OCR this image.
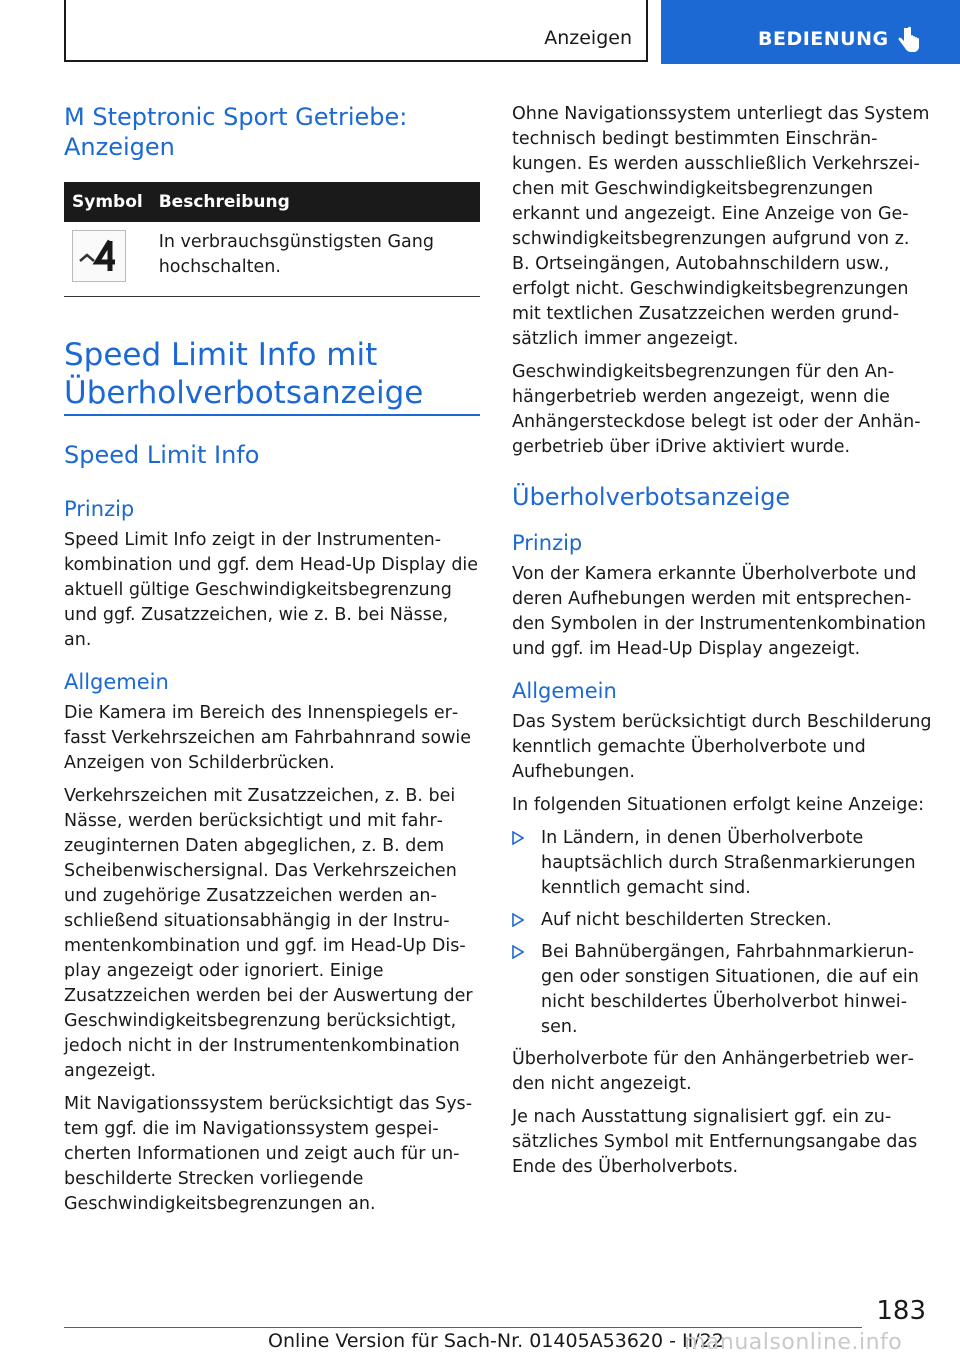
Anzeigen	BEDIENUNG
M Steptronic Sport Getriebe: Anzeigen
Symbol	Beschreibung

	In verbrauchsgünstigsten Gang hochschalten.
Speed Limit Info mit Überholverbotsanzeige
Speed Limit Info
Prinzip

Speed Limit Info zeigt in der Instrumentenkombination und ggf. dem Head-Up Display die aktuell gültige Geschwindigkeitsbegrenzung und ggf. Zusatzzeichen, wie z. B. bei Nässe, an.

Allgemein

Die Kamera im Bereich des Innenspiegels erfasst Verkehrszeichen am Fahrbahnrand sowie Anzeigen von Schilderbrücken.

Verkehrszeichen mit Zusatzzeichen, z. B. bei Nässe, werden berücksichtigt und mit fahrzeuginternen Daten abgeglichen, z. B. dem Scheibenwischersignal. Das Verkehrszeichen und zugehörige Zusatzzeichen werden anschließend situationsabhängig in der Instrumentenkombination und ggf. im Head-Up Display angezeigt oder ignoriert. Einige Zusatzzeichen werden bei der Auswertung der Geschwindigkeitsbegrenzung berücksichtigt, jedoch nicht in der Instrumentenkombination angezeigt.

Mit Navigationssystem berücksichtigt das System ggf. die im Navigationssystem gespeicherten Informationen und zeigt auch für unbeschilderte Strecken vorliegende Geschwindigkeitsbegrenzungen an.

Ohne Navigationssystem unterliegt das System technisch bedingt bestimmten Einschränkungen. Es werden ausschließlich Verkehrszeichen mit Geschwindigkeitsbegrenzungen erkannt und angezeigt. Eine Anzeige von Geschwindigkeitsbegrenzungen aufgrund von z. B. Ortseingängen, Autobahnschildern usw., erfolgt nicht. Geschwindigkeitsbegrenzungen mit textlichen Zusatzzeichen werden grundsätzlich immer angezeigt.

Geschwindigkeitsbegrenzungen für den Anhängerbetrieb werden angezeigt, wenn die Anhängersteckdose belegt ist oder der Anhängerbetrieb über iDrive aktiviert wurde.

Überholverbotsanzeige
Prinzip

Von der Kamera erkannte Überholverbote und deren Aufhebungen werden mit entsprechenden Symbolen in der Instrumentenkombination und ggf. im Head-Up Display angezeigt.

Allgemein

Das System berücksichtigt durch Beschilderung kenntlich gemachte Überholverbote und Aufhebungen.

In folgenden Situationen erfolgt keine Anzeige:

In Ländern, in denen Überholverbote hauptsächlich durch Straßenmarkierungen kenntlich gemacht sind.
Auf nicht beschilderten Strecken.
Bei Bahnübergängen, Fahrbahnmarkierungen oder sonstigen Situationen, die auf ein nicht beschildertes Überholverbot hinweisen.

Überholverbote für den Anhängerbetrieb werden nicht angezeigt.

Je nach Ausstattung signalisiert ggf. ein zusätzliches Symbol mit Entfernungsangabe das Ende des Überholverbots.

183
Online Version für Sach-Nr. 01405A53620 - II/22
manualsonline.info
